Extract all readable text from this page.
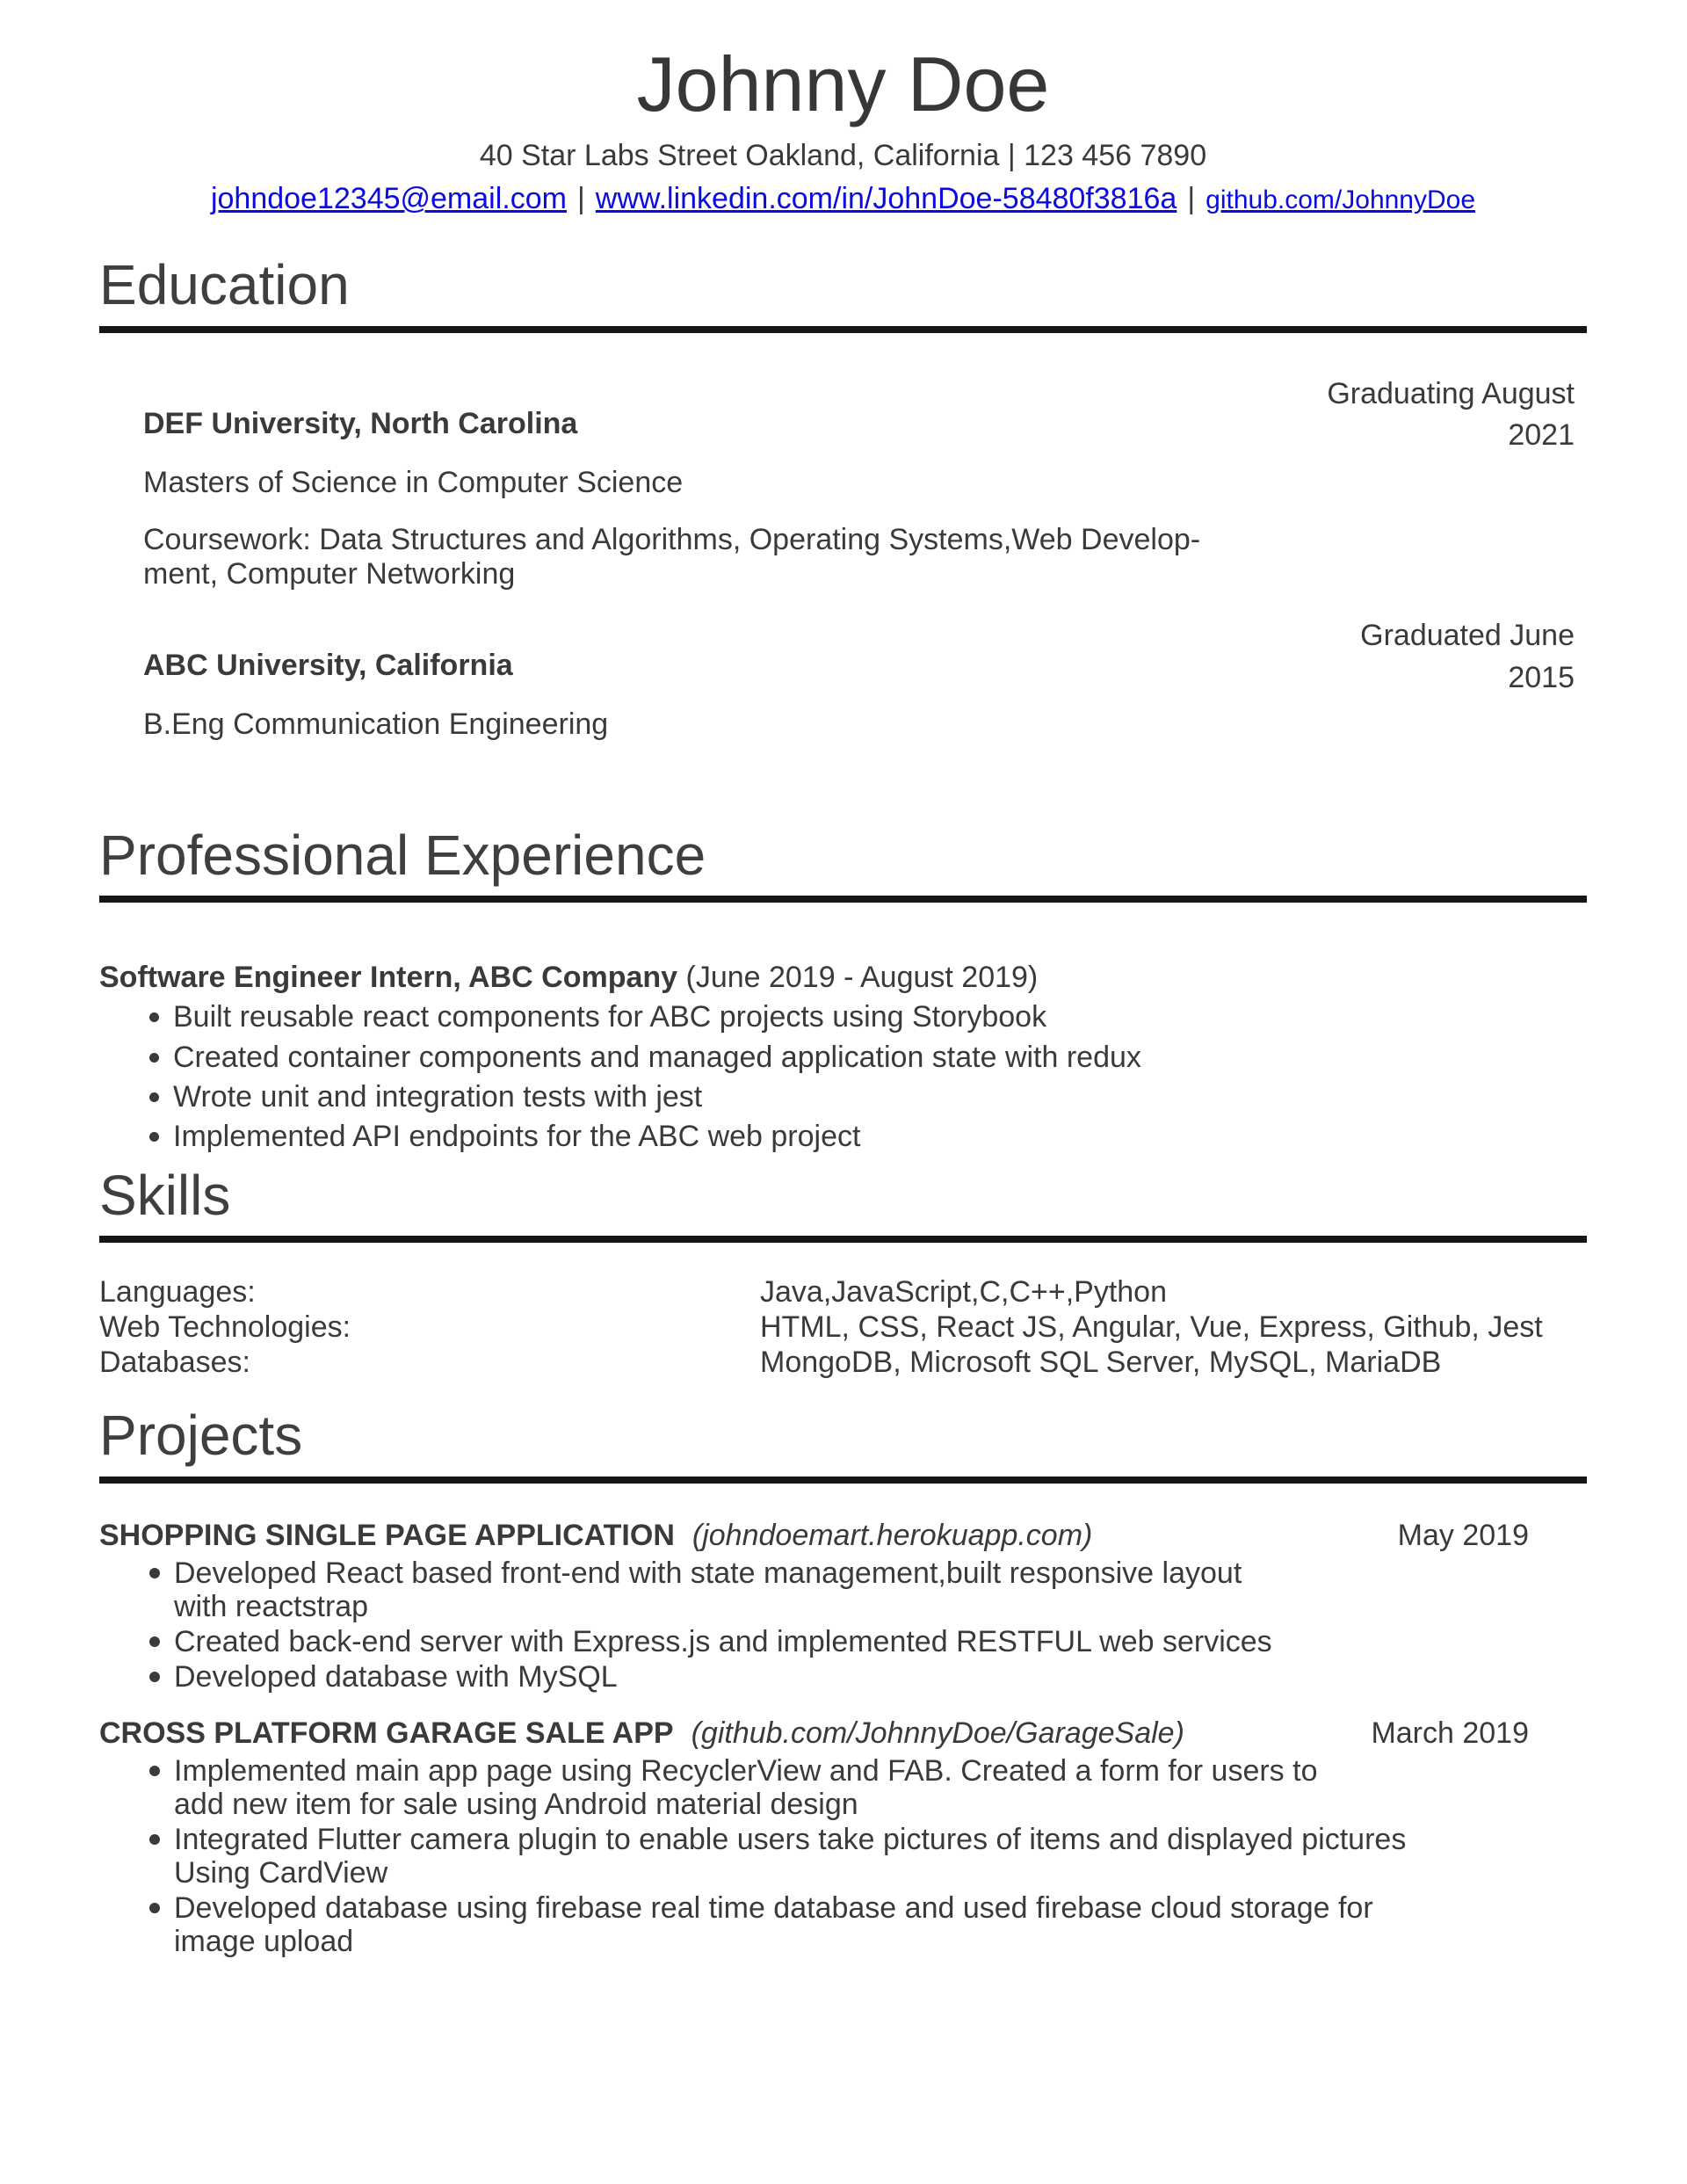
Johnny Doe
40 Star Labs Street Oakland, California | 123 456 7890
johndoe12345@email.com | www.linkedin.com/in/JohnDoe-58480f3816a | github.com/JohnnyDoe
Education
Graduating August
2021
DEF University, North Carolina
Masters of Science in Computer Science
Coursework: Data Structures and Algorithms, Operating Systems,Web Develop-
ment, Computer Networking
Graduated June
2015
ABC University, California
B.Eng Communication Engineering
Professional Experience
Software Engineer Intern, ABC Company (June 2019 - August 2019)
Built reusable react components for ABC projects using Storybook
Created container components and managed application state with redux
Wrote unit and integration tests with jest
Implemented API endpoints for the ABC web project
Skills
Languages:	Java,JavaScript,C,C++,Python
Web Technologies:	HTML, CSS, React JS, Angular, Vue, Express, Github, Jest
Databases:	MongoDB, Microsoft SQL Server, MySQL, MariaDB
Projects
SHOPPING SINGLE PAGE APPLICATION (johndoemart.herokuapp.com)	May 2019
Developed React based front-end with state management,built responsive layout
with reactstrap
Created back-end server with Express.js and implemented RESTFUL web services
Developed database with MySQL
CROSS PLATFORM GARAGE SALE APP (github.com/JohnnyDoe/GarageSale)	March 2019
Implemented main app page using RecyclerView and FAB. Created a form for users to
add new item for sale using Android material design
Integrated Flutter camera plugin to enable users take pictures of items and displayed pictures
Using CardView
Developed database using firebase real time database and used firebase cloud storage for
image upload
